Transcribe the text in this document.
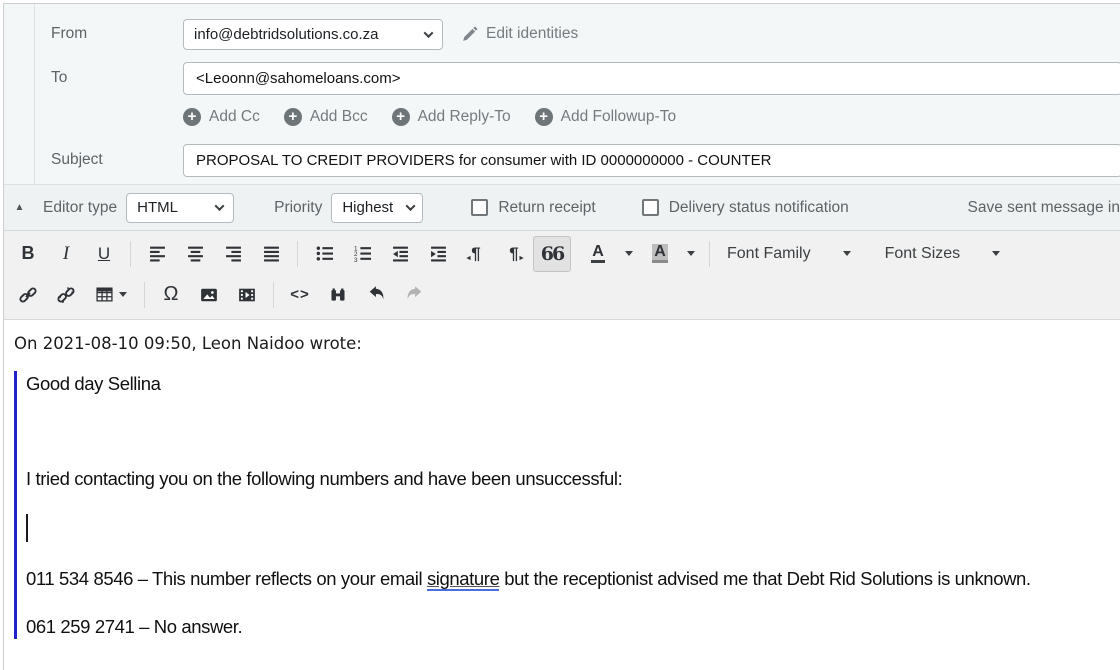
From	info@debtridsolutions.co.za	Edit identities
To
<Leoonn@sahomeloans.com>
+ Add Cc	+ Add Bcc	+ Add Reply-To	+ Add Followup-To
Subject
PROPOSAL TO CREDIT PROVIDERS for consumer with ID 0000000000 - COUNTER
▲ Editor type HTML	Priority Highest	Return receipt	Delivery status notification	Save sent message in
B	I	U	1
2
3	◄ ¶	¶ ►	66	A	A	Font Family	Font Sizes
Ω	<>

On 2021-08-10 09:50, Leon Naidoo wrote:

Good day Sellina
I tried contacting you on the following numbers and have been unsuccessful:
011 534 8546 – This number reflects on your email signature but the receptionist advised me that Debt Rid Solutions is unknown.
061 259 2741 – No answer.
